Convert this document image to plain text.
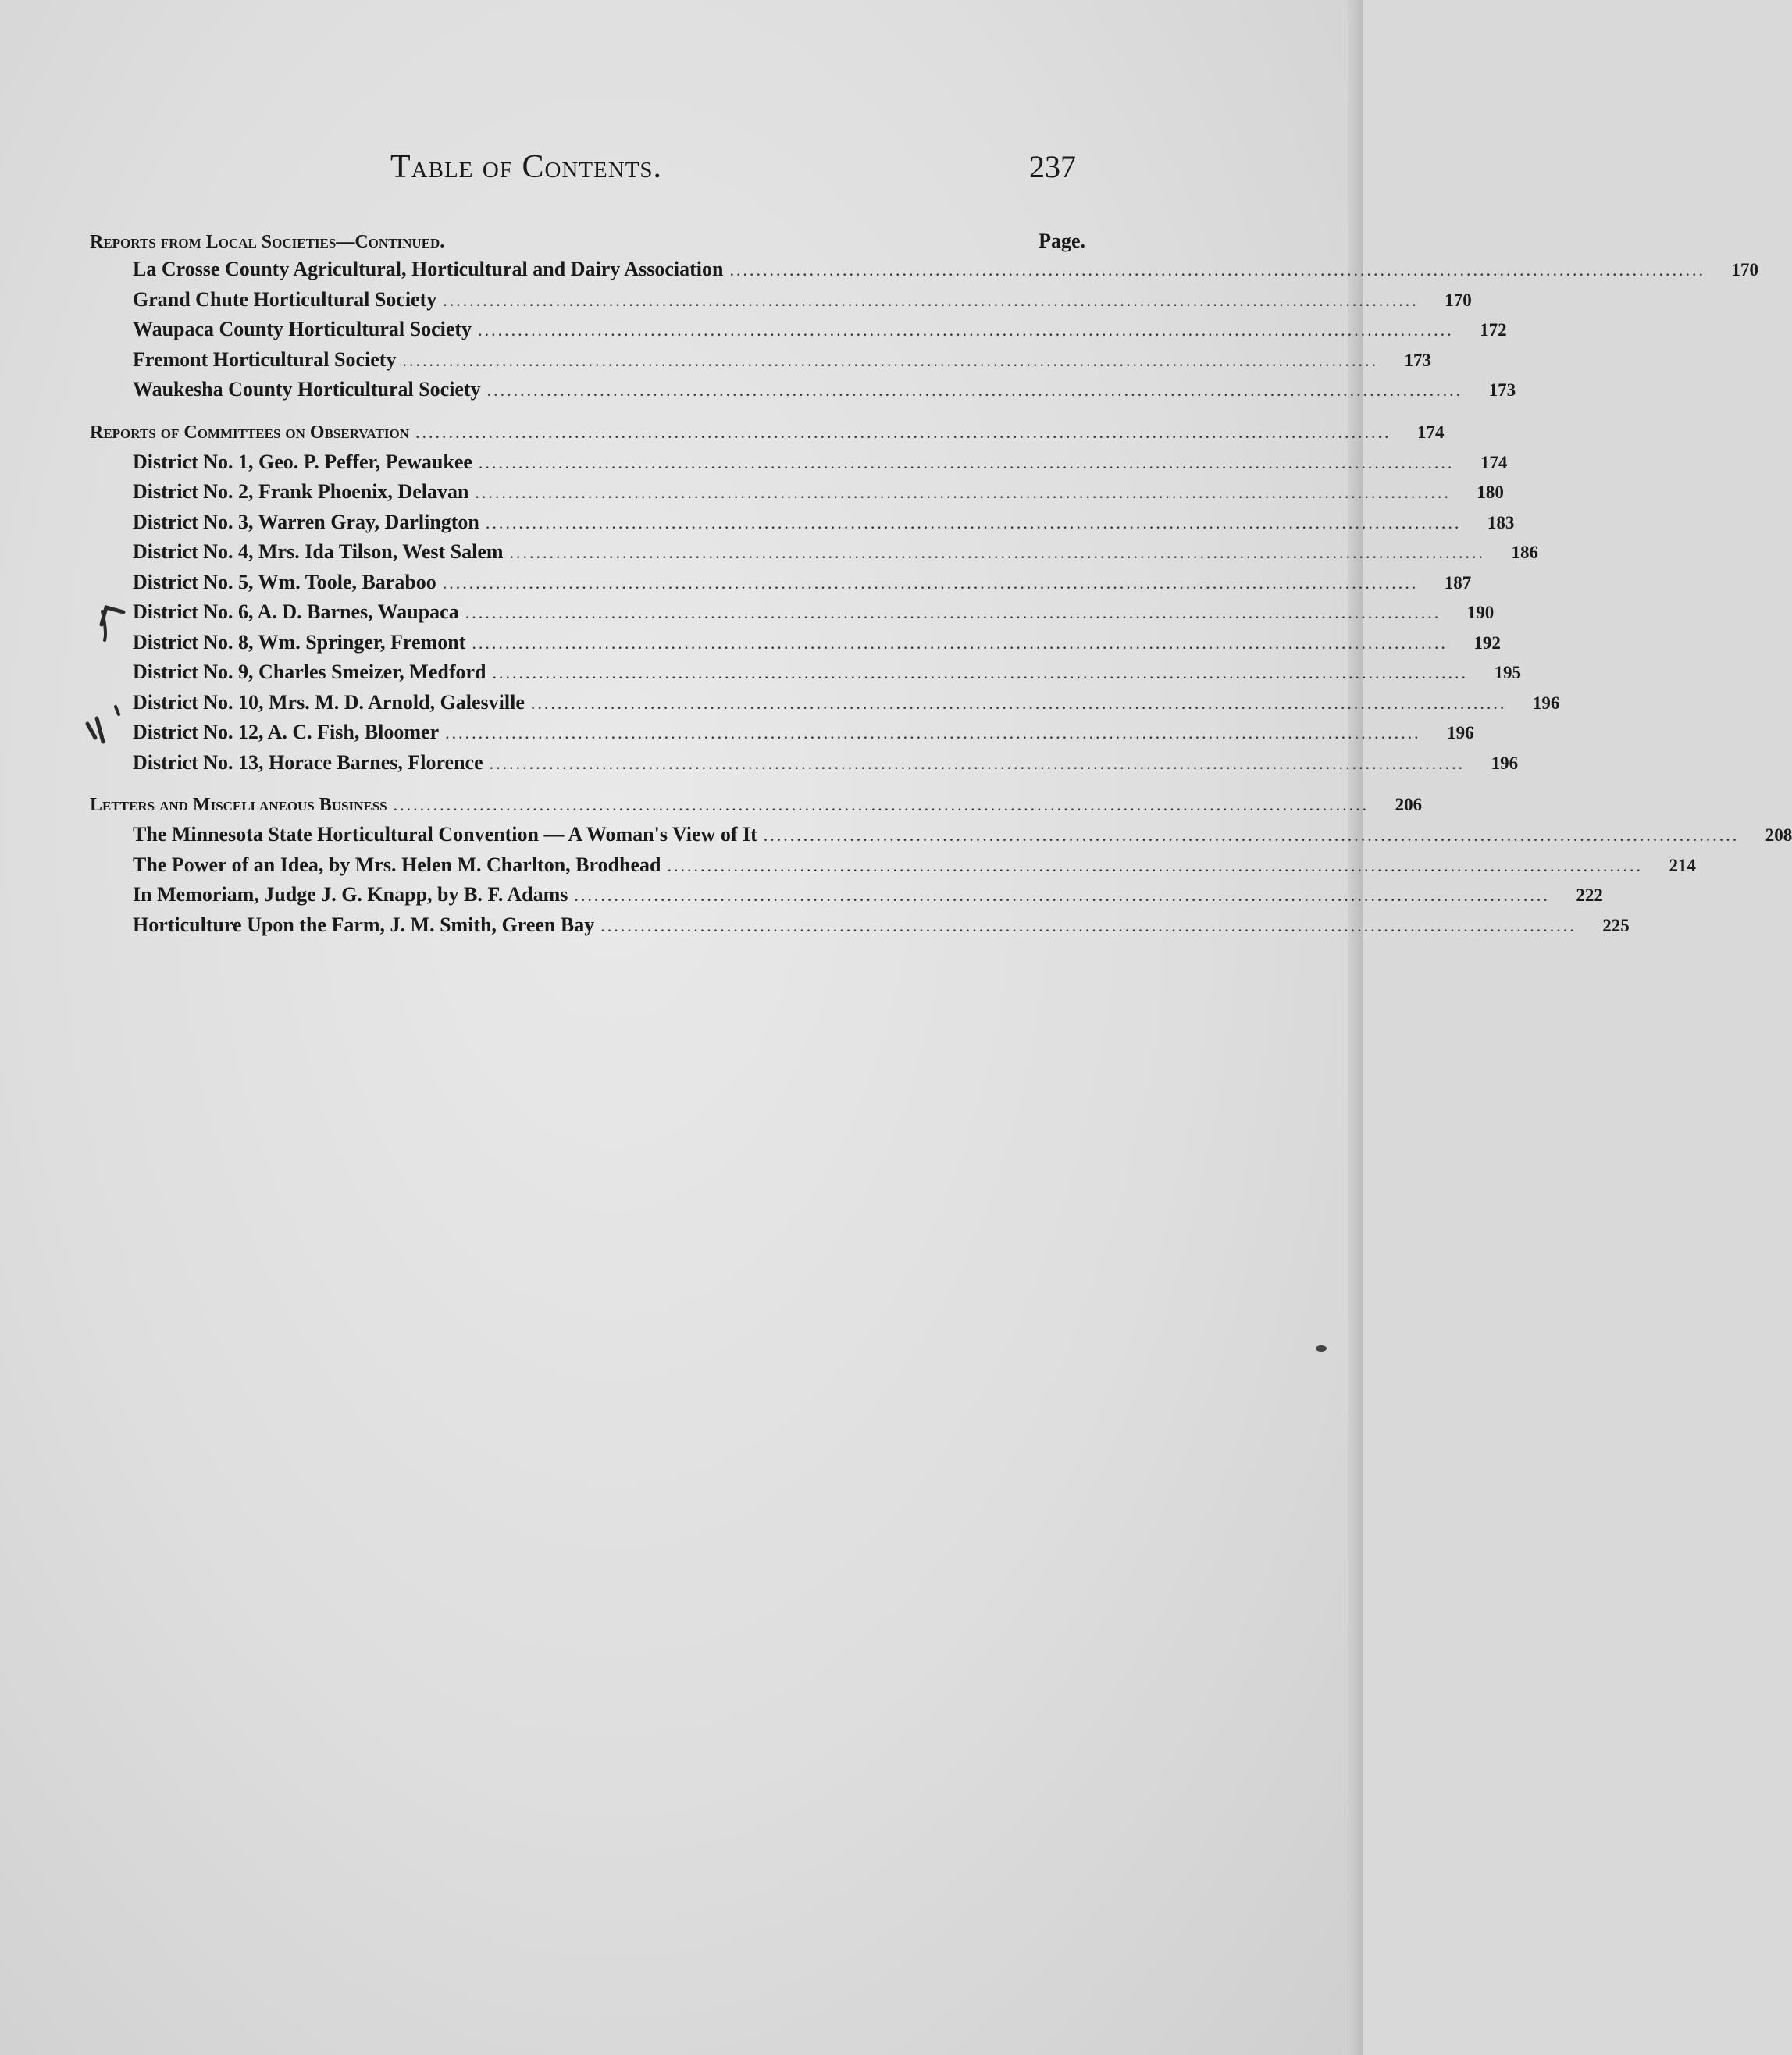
Table of Contents.	237
Reports from Local Societies—Continued.	Page.
La Crosse County Agricultural, Horticultural and Dairy Association ...................................................................................................................................................	170
Grand Chute Horticultural Society ...................................................................................................................................................	170
Waupaca County Horticultural Society ...................................................................................................................................................	172
Fremont Horticultural Society ...................................................................................................................................................	173
Waukesha County Horticultural Society ...................................................................................................................................................	173
Reports of Committees on Observation ...................................................................................................................................................	174
District No. 1, Geo. P. Peffer, Pewaukee ...................................................................................................................................................	174
District No. 2, Frank Phoenix, Delavan ...................................................................................................................................................	180
District No. 3, Warren Gray, Darlington ...................................................................................................................................................	183
District No. 4, Mrs. Ida Tilson, West Salem ...................................................................................................................................................	186
District No. 5, Wm. Toole, Baraboo ...................................................................................................................................................	187
District No. 6, A. D. Barnes, Waupaca ...................................................................................................................................................	190
District No. 8, Wm. Springer, Fremont ...................................................................................................................................................	192
District No. 9, Charles Smeizer, Medford ...................................................................................................................................................	195
District No. 10, Mrs. M. D. Arnold, Galesville ...................................................................................................................................................	196
District No. 12, A. C. Fish, Bloomer ...................................................................................................................................................	196
District No. 13, Horace Barnes, Florence ...................................................................................................................................................	196
Letters and Miscellaneous Business ...................................................................................................................................................	206
The Minnesota State Horticultural Convention — A Woman's View of It ...................................................................................................................................................	208
The Power of an Idea, by Mrs. Helen M. Charlton, Brodhead ...................................................................................................................................................	214
In Memoriam, Judge J. G. Knapp, by B. F. Adams ...................................................................................................................................................	222
Horticulture Upon the Farm, J. M. Smith, Green Bay ...................................................................................................................................................	225
